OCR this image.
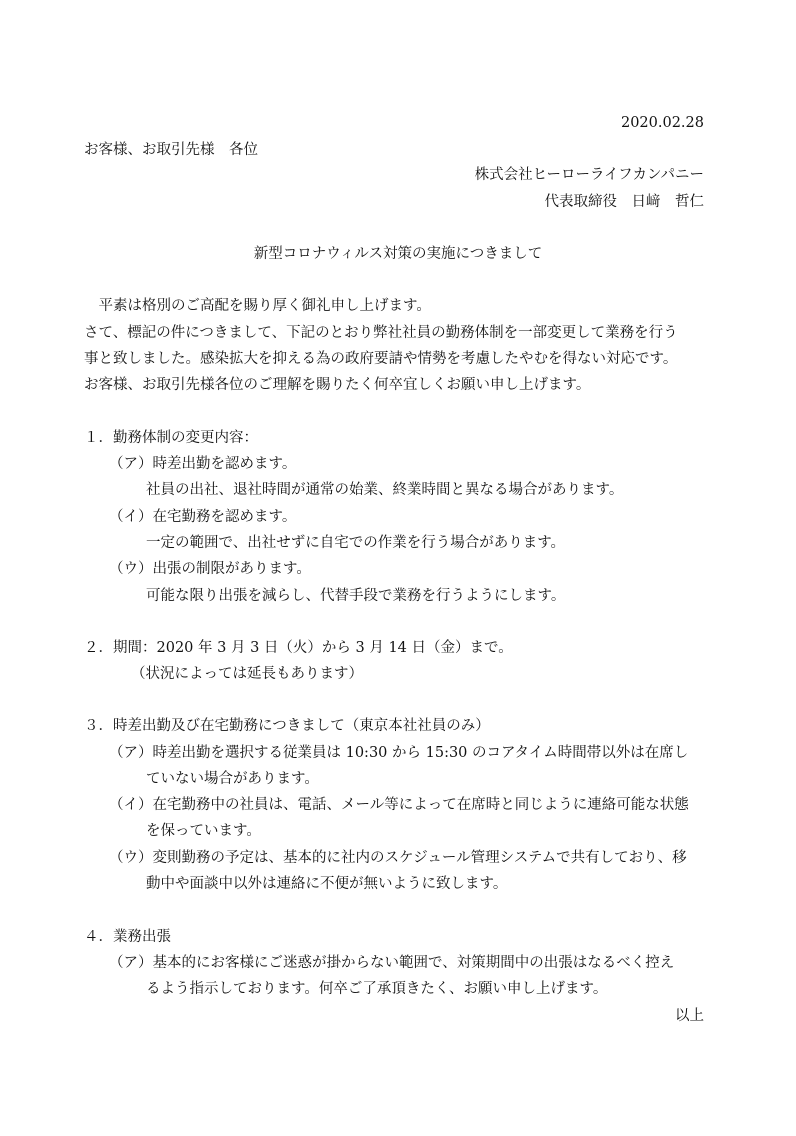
2020.02.28
お客様、お取引先様　各位
株式会社ヒーローライフカンパニー
代表取締役　日﨑　哲仁
新型コロナウィルス対策の実施につきまして
　平素は格別のご高配を賜り厚く御礼申し上げます。
さて、標記の件につきまして、下記のとおり弊社社員の勤務体制を一部変更して業務を行う
事と致しました。感染拡大を抑える為の政府要請や情勢を考慮したやむを得ない対応です。
お客様、お取引先様各位のご理解を賜りたく何卒宜しくお願い申し上げます。
１．勤務体制の変更内容：
（ア）時差出勤を認めます。
社員の出社、退社時間が通常の始業、終業時間と異なる場合があります。
（イ）在宅勤務を認めます。
一定の範囲で、出社せずに自宅での作業を行う場合があります。
（ウ）出張の制限があります。
可能な限り出張を減らし、代替手段で業務を行うようにします。
２．期間：2020 年 3 月 3 日（火）から 3 月 14 日（金）まで。
（状況によっては延長もあります）
３．時差出勤及び在宅勤務につきまして（東京本社社員のみ）
（ア）時差出勤を選択する従業員は 10:30 から 15:30 のコアタイム時間帯以外は在席し
ていない場合があります。
（イ）在宅勤務中の社員は、電話、メール等によって在席時と同じように連絡可能な状態
を保っています。
（ウ）変則勤務の予定は、基本的に社内のスケジュール管理システムで共有しており、移
動中や面談中以外は連絡に不便が無いように致します。
４．業務出張
（ア）基本的にお客様にご迷惑が掛からない範囲で、対策期間中の出張はなるべく控え
るよう指示しております。何卒ご了承頂きたく、お願い申し上げます。
以上
